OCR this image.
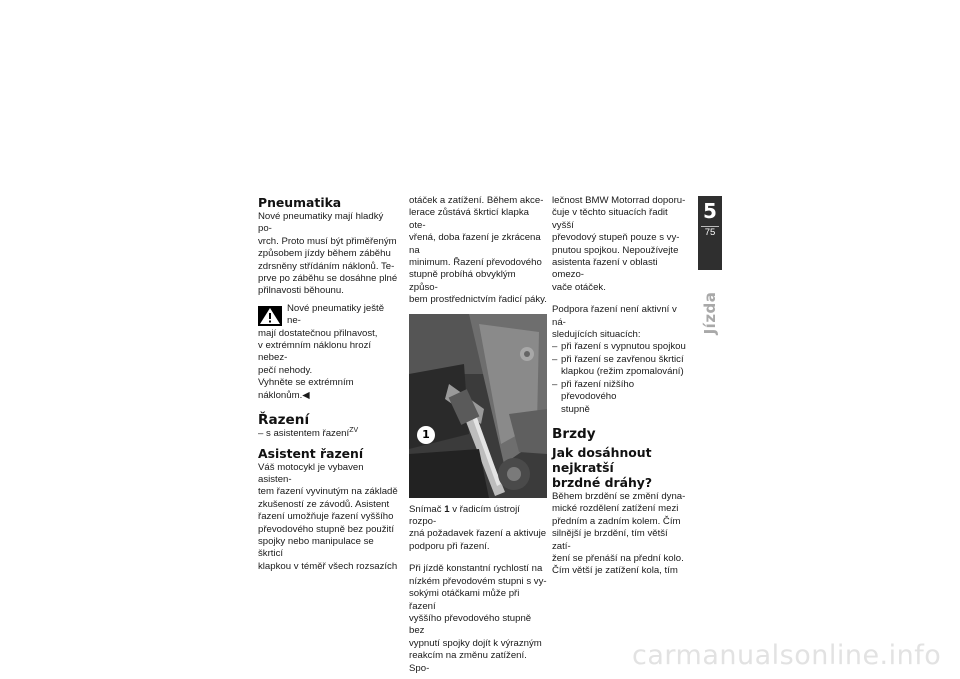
Pneumatika

Nové pneumatiky mají hladký po-

vrch. Proto musí být přiměřeným

způsobem jízdy během záběhu

zdrsněny střídáním náklonů. Te-

prve po záběhu se dosáhne plné

přilnavosti běhounu.

Nové pneumatiky ještě ne-

mají dostatečnou přilnavost,

v extrémním náklonu hrozí nebez-

pečí nehody.

Vyhněte se extrémním

náklonům.◀

Řazení

– s asistentem řazení$^{ZV}$

Asistent řazení

Váš motocykl je vybaven asisten-

tem řazení vyvinutým na základě

zkušeností ze závodů. Asistent

řazení umožňuje řazení vyššího

převodového stupně bez použití

spojky nebo manipulace se škrticí

klapkou v téměř všech rozsazích

otáček a zatížení. Během akce-

lerace zůstává škrticí klapka ote-

vřená, doba řazení je zkrácena na

minimum. Řazení převodového

stupně probíhá obvyklým způso-

bem prostřednictvím řadicí páky.

1

Snímač 1 v řadicím ústrojí rozpo-

zná požadavek řazení a aktivuje

podporu při řazení.

Při jízdě konstantní rychlostí na

nízkém převodovém stupni s vy-

sokými otáčkami může při řazení

vyššího převodového stupně bez

vypnutí spojky dojít k výrazným

reakcím na změnu zatížení. Spo-

lečnost BMW Motorrad doporu-

čuje v těchto situacích řadit vyšší

převodový stupeň pouze s vy-

pnutou spojkou. Nepoužívejte

asistenta řazení v oblasti omezo-

vače otáček.

Podpora řazení není aktivní v ná-

sledujících situacích:

– při řazení s vypnutou spojkou

– při řazení se zavřenou škrticí

klapkou (režim zpomalování)

– při řazení nižšího převodového

stupně

Brzdy
Jak dosáhnout nejkratší
brzdné dráhy?

Během brzdění se změní dyna-

mické rozdělení zatížení mezi

předním a zadním kolem. Čím

silnější je brzdění, tím větší zatí-

žení se přenáší na přední kolo.

Čím větší je zatížení kola, tím

5
75
Jízda
carmanualsonline.info
